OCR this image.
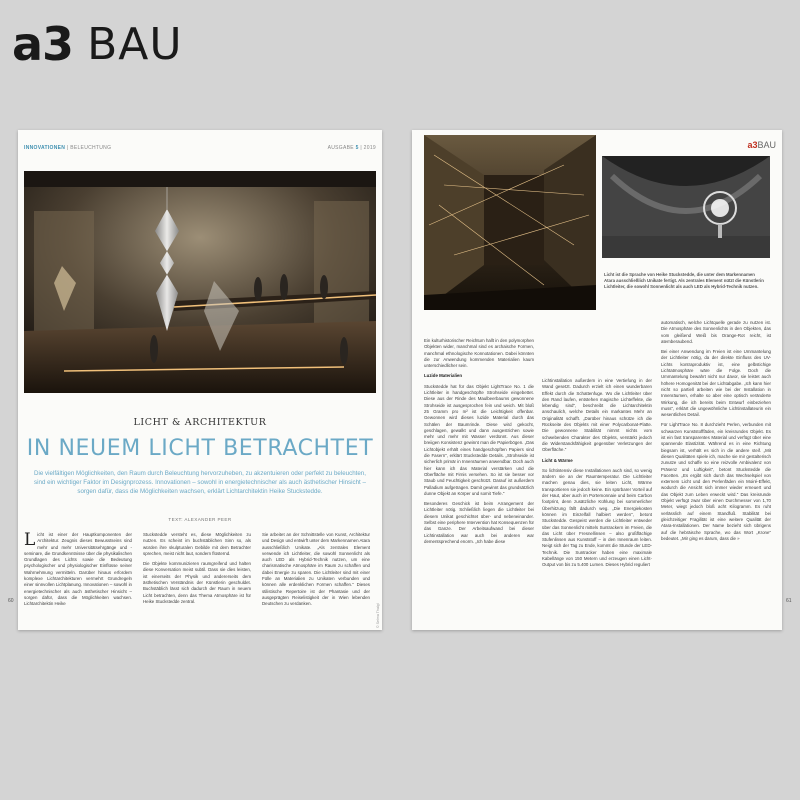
a3 BAU
INNOVATIONEN | BELEUCHTUNG	AUSGABE 5 | 2019
LICHT & ARCHITEKTUR
IN NEUEM LICHT BETRACHTET
Die vielfältigen Möglichkeiten, den Raum durch Beleuchtung hervorzuheben, zu akzentuieren oder perfekt zu beleuchten, sind ein wichtiger Faktor im Designprozess. Innovationen – sowohl in energietechnischer als auch ästhetischer Hinsicht – sorgen dafür, dass die Möglichkeiten wachsen, erklärt Lichtarchitektin Heike Stuckstedde.
TEXT: ALEXANDER PEER
L icht ist einer der Hauptkomponenten der Architektur. Zeugnis dieses Bewusstseins sind mehr und mehr Universitätsehrgänge und -seminare, die Grundkenntnisse über die physikalischen Grundlagen des Lichts sowie die Bedeutung psychologischer und physiologischer Einflüsse seiner Wahrnehmung vermitteln. Darüber hinaus erfordern komplexe Lichtarchitekturen vermehrt Grundregeln einer sinnvollen Lichtplanung. Innovationen – sowohl in energietechnischer als auch ästhetischer Hinsicht – sorgen dafür, dass die Möglichkeiten wachsen. Lichtarchitektin Heike

Stuckstedde versteht es, diese Möglichkeiten zu nutzen. Es scheint im buchstäblichen Sinn so, als würden ihre skulpturalen Gebilde mit dem Betrachter sprechen, meist nicht laut, sondern flüsternd.

Die Objekte kommunizieren raumgreifend und halten diese Konversation meist subtil. Dass sie dies leisten, ist einerseits der Physik und andererseits dem ästhetischen Verständnis der Künstlerin geschuldet. Buchstäblich lässt sich dadurch der Raum in neuem Licht betrachten, denn das Thema Atmosphäre ist für Heike Stuckstedde zentral.

Sie arbeitet an der Schnittstelle von Kunst, Architektur und Design und entwirft unter dem Markennamen Atara ausschließlich Unikate. „Als zentrales Element verwende ich Lichtleiter, die sowohl Sonnenlicht als auch LED als Hybrid-Technik nutzen, um eine charismatische Atmosphäre im Raum zu schaffen und dabei Energie zu sparen. Die Lichtleiter sind mit einer Fülle an Materialien zu Unikaten verbunden und können alle erdenklichen Formen schaffen." Dieses stilistische Repertoire ist der Phantasie und der ausgeprägten Reiselistigkeit der in Wien lebenden Deutschen zu verdanken.	© Selma Thalgl
60
a3BAU
Licht ist die Sprache von Heike Stuckstedde, die unter dem Markennamen Atara ausschließlich Unikate fertigt. Als zentrales Element nützt die Künstlerin Lichtleiter, die sowohl Sonnenlicht als auch LED als Hybrid-Technik nutzen.

Ein kulturhistorischer Reichtum hallt in den polymorphen Objekten wider, manchmal sind es archaische Formen, manchmal ethnologische Konnotationen. Dabei könnten die zur Anwendung kommenden Materialien kaum unterschiedlicher sein.

Luzide Materialien

Stuckstedde hat für das Objekt LightTrace No. 1 die Lichtleiter in handgeschöpfte Strohseide eingebettet. Diese aus der Rinde des Maulbeerbaums gewonnene Strohseide ist ausgesprochen fein und weich. Mit bloß 25 Gramm pro m² ist die Leichtigkeit offenbar. Gewonnen wird dieses luzide Material durch das Schälen der Baumrinde. Diese wird gekocht, geschlagen, gewalkt und dann ausgestrichen sowie mehr und mehr mit Wasser verdünnt. Aus dieser breiigen Konsistenz gewinnt man die Papierbögen. „Das Lichtobjekt erhält eines handgeschöpften Papiers sind die Fasern", erklärt Stuckstedde Details. „Strohseide ist sicherlich primär in Innenräumen anwendbar. Doch auch hier kann ich das Material verstärken und die Oberfläche mit Firnis versehen. So ist sie besser vor Staub und Feuchtigkeit geschützt. Darauf ist außerdem Palladium aufgetragen. Damit gewinnt das grundsätzlich dunne Objekt an Körper und somit Tiefe."

Besonderes Geschick ist beim Arrangement der Lichtleiter nötig. Schließlich liegen die Lichtleiter bei diesem Unikat geschichtet über- und nebeneinander. Selbst eine periphere Intervention hat Konsequenzen für das Ganze. Der Arbeitsaufwand bei dieser Lichtinstallation war auch bei anderen war dementsprechend enorm. „Ich habe diese

Lichtinstallation außerdem in eine Vertiefung in der Wand gesetzt. Dadurch erzielt ich einen wunderbaren Effekt durch die Schattenfuge. Wo die Lichtleiter über den Rand laufen, entstehen magische Lichteffekte, die lebendig sind", beschreibt die Lichtarchitektin anschaulich, welche Details ein markantes Mehr an Originalität schafft. „Darüber hinaus schütze ich die Rückseite des Objekts mit einer Polycarbonat-Platte. Die gewonnene Stabilität nimmt nichts vom schwebenden Charakter des Objekts, verstärkt jedoch die Widerstandsfähigkeit gegenüber Verletzungen der Oberfläche."

Licht & Wärme

So lichtintensiv diese Installationen auch sind, so wenig ändern sie an der Raumtemperatur. Die Lichtleiter machen genau dies, sie leiten Licht, Wärme transportieren sie jedoch keine. Ein spürbarer Vorteil auf der Haut, aber auch im Portemonnaie und beim Carbon footprint, denn zusätzliche Kühlung bei sommerlicher Überhitzung fällt dadurch weg. „Die Energiekosten können im Einzelfall halbiert werden", betont Stuckstedde. Gespeist werden die Lichtleiter entweder über das Sonnenlicht mittels Suntrackern im Freien, die das Licht über Fresnellinsen – also großflächige Stufenlinsen aus Kunststoff – in den Innenraum leiten. Neigt sich der Tag zu Ende, kommt die Stunde der LED-Technik. Die Suntracker haben eine maximale Kabellänge von 150 Metern und erzeugen einen Licht-Output von bis zu 5.400 Lumen. Dieses Hybrid reguliert

automatisch, welche Lichtquelle gerade zu nutzen ist. Die Atmosphäre des Sonnenlichts in den Objekten, das vom gleißend Weiß bis Orange-Rot reicht, ist atemberaubend.

Bei einer Anwendung im Freien ist eine Ummantelung der Lichtleiter nötig, da der direkte Einfluss des UV-Lichts kontraproduktiv ist, eine gelbstichige Lichtatmosphäre wäre die Folge. Doch die Ummantelung bewahrt nicht nur davor, sie leistet auch höhere Homogenität bei der Lichtabgabe. „Ich kann hier nicht so partiell arbeiten wie bei der Installation in Innenräumen, erhalte so aber eine optisch veränderte Wirkung, die ich bereits beim Entwurf einbeziehen muss", erklärt die ungewöhnliche Lichtinstallateurin ein wesentliches Detail.

Für LightTrace No. 8 durchzieht Perlen, verbunden mit schwarzen Kunststofffäden, ein kreisrundes Objekt. Es ist ein fast transparentes Material und verfügt über eine spannende Elastizität. Während es in eine Richtung biegsam ist, verhält es sich in die andere steif. „Mit diesen Qualitäten spiele ich, mache sie mir gestalterisch zunutze und schaffe so eine reizvolle Ambivalenz von Präsenz und Luftigkeit", betont Stuckstedde die Facetten. „Es ergibt sich durch das Wechselspiel von externem Licht und den Perlenfäden ein Moiré-Effekt, wodurch die Ansicht sich immer wieder erneuert und das Objekt zum Leben erweckt wird." Das kreisrunde Objekt verfügt zwar über einen Durchmesser von 1,70 Meter, wiegt jedoch bloß acht Kilogramm. Es ruht verlässlich auf einem Standfuß. Stabilität bei gleichzeitiger Fragilität ist eine weitere Qualität der Atara-Installationen. Der Name bezieht sich übrigens auf die hebräische Sprache, wo das Wort „Krone" bedeutet. „Mir ging es darum, dass die »

61
